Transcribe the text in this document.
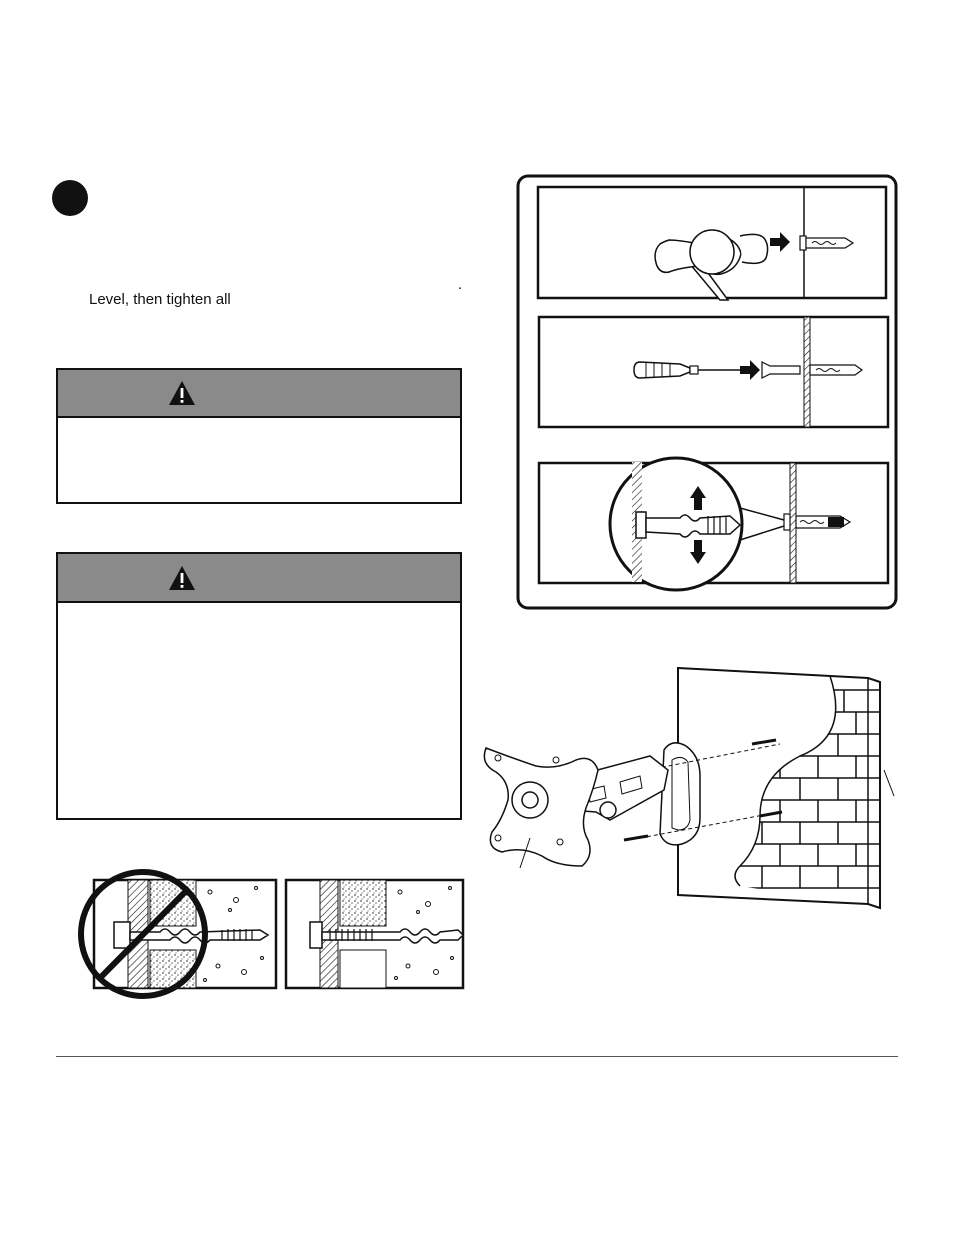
.
Level, then tighten all
